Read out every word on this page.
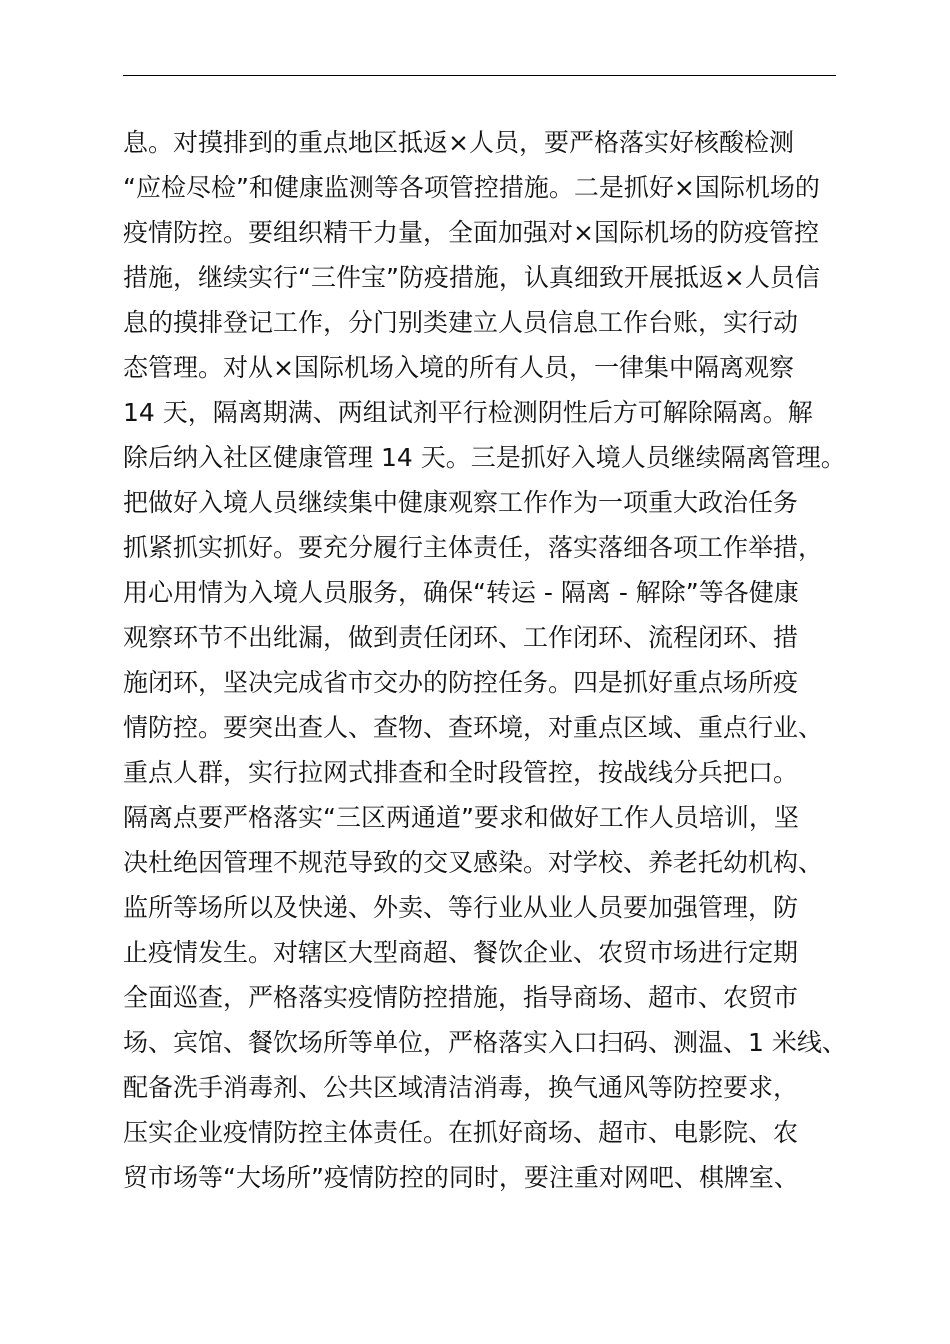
息。对摸排到的重点地区抵返×人员，要严格落实好核酸检测
“应检尽检”和健康监测等各项管控措施。二是抓好×国际机场的
疫情防控。要组织精干力量，全面加强对×国际机场的防疫管控
措施，继续实行“三件宝”防疫措施，认真细致开展抵返×人员信
息的摸排登记工作，分门别类建立人员信息工作台账，实行动
态管理。对从×国际机场入境的所有人员，一律集中隔离观察
14 天，隔离期满、两组试剂平行检测阴性后方可解除隔离。解
除后纳入社区健康管理 14 天。三是抓好入境人员继续隔离管理。
把做好入境人员继续集中健康观察工作作为一项重大政治任务
抓紧抓实抓好。要充分履行主体责任，落实落细各项工作举措，
用心用情为入境人员服务，确保“转运 - 隔离 - 解除”等各健康
观察环节不出纰漏，做到责任闭环、工作闭环、流程闭环、措
施闭环，坚决完成省市交办的防控任务。四是抓好重点场所疫
情防控。要突出查人、查物、查环境，对重点区域、重点行业、
重点人群，实行拉网式排查和全时段管控，按战线分兵把口。
隔离点要严格落实“三区两通道”要求和做好工作人员培训，坚
决杜绝因管理不规范导致的交叉感染。对学校、养老托幼机构、
监所等场所以及快递、外卖、等行业从业人员要加强管理，防
止疫情发生。对辖区大型商超、餐饮企业、农贸市场进行定期
全面巡查，严格落实疫情防控措施，指导商场、超市、农贸市
场、宾馆、餐饮场所等单位，严格落实入口扫码、测温、1 米线、
配备洗手消毒剂、公共区域清洁消毒，换气通风等防控要求，
压实企业疫情防控主体责任。在抓好商场、超市、电影院、农
贸市场等“大场所”疫情防控的同时，要注重对网吧、棋牌室、
